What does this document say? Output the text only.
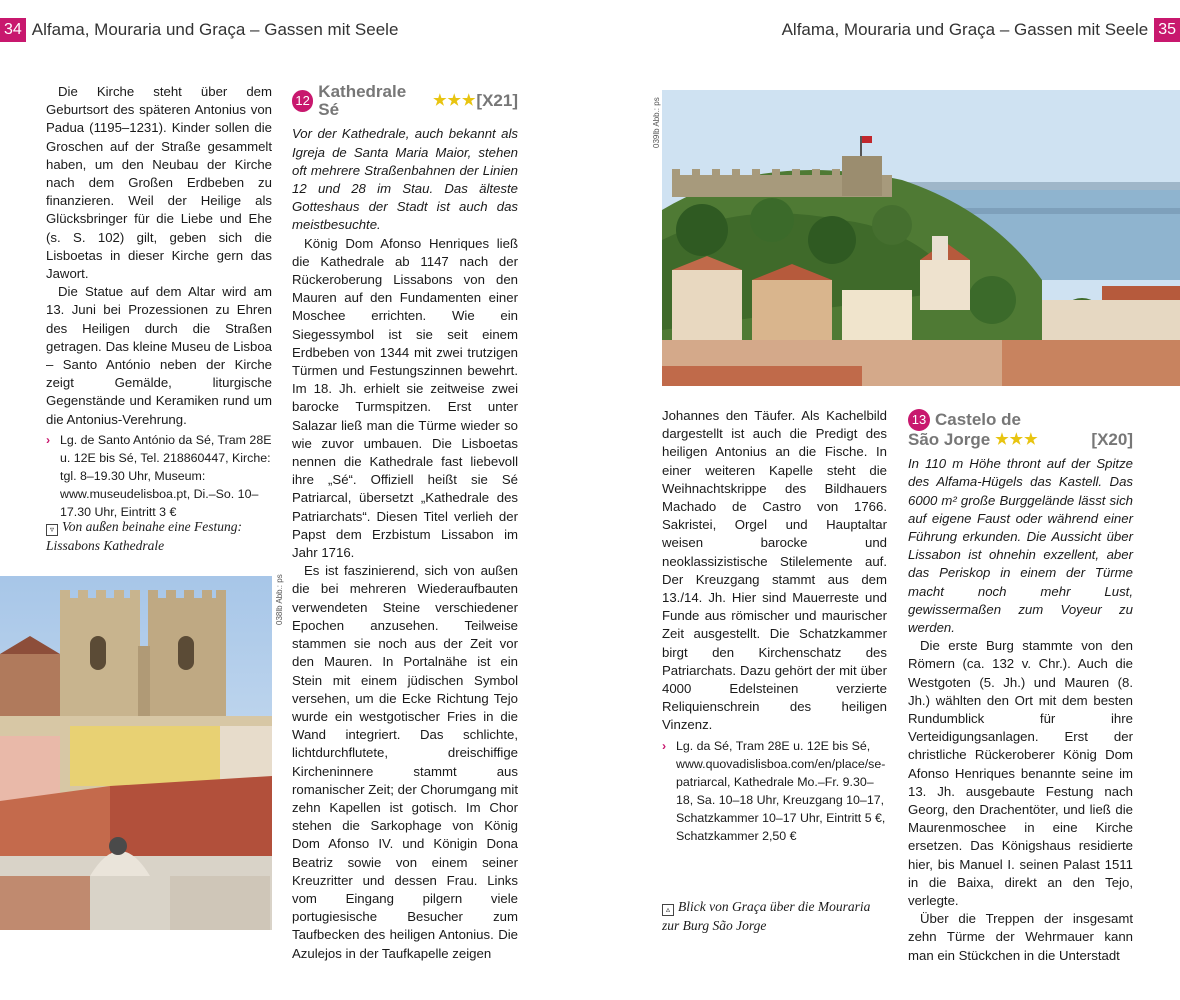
34 Alfama, Mouraria und Graça – Gassen mit Seele

Die Kirche steht über dem Geburtsort des späteren Antonius von Padua (1195–1231). Kinder sollen die Groschen auf der Straße gesammelt haben, um den Neubau der Kirche nach dem Großen Erdbeben zu finanzieren. Weil der Heilige als Glücksbringer für die Liebe und Ehe (s. S. 102) gilt, geben sich die Lisboetas in dieser Kirche gern das Jawort.

Die Statue auf dem Altar wird am 13. Juni bei Prozessionen zu Ehren des Heiligen durch die Straßen getragen. Das kleine Museu de Lisboa – Santo António neben der Kirche zeigt Gemälde, liturgische Gegenstände und Keramiken rund um die Antonius-Verehrung.

› Lg. de Santo António da Sé, Tram 28E u. 12E bis Sé, Tel. 218860447, Kirche: tgl. 8–19.30 Uhr, Museum: www.museudelisboa.pt, Di.–So. 10–17.30 Uhr, Eintritt 3 €
▿ Von außen beinahe eine Festung: Lissabons Kathedrale
038lb Abb.: ps
12 Kathedrale Sé	★★★ [X21]

Vor der Kathedrale, auch bekannt als Igreja de Santa Maria Maior, stehen oft mehrere Straßenbahnen der Linien 12 und 28 im Stau. Das älteste Gotteshaus der Stadt ist auch das meistbesuchte.

König Dom Afonso Henriques ließ die Kathedrale ab 1147 nach der Rückeroberung Lissabons von den Mauren auf den Fundamenten einer Moschee errichten. Wie ein Siegessymbol ist sie seit einem Erdbeben von 1344 mit zwei trutzigen Türmen und Festungszinnen bewehrt. Im 18. Jh. erhielt sie zeitweise zwei barocke Turmspitzen. Erst unter Salazar ließ man die Türme wieder so wie zuvor umbauen. Die Lisboetas nennen die Kathedrale fast liebevoll ihre „Sé“. Offiziell heißt sie Sé Patriarcal, übersetzt „Kathedrale des Patriarchats“. Diesen Titel verlieh der Papst dem Erzbistum Lissabon im Jahr 1716.

Es ist faszinierend, sich von außen die bei mehreren Wiederaufbauten verwendeten Steine verschiedener Epochen anzusehen. Teilweise stammen sie noch aus der Zeit vor den Mauren. In Portalnähe ist ein Stein mit einem jüdischen Symbol versehen, um die Ecke Richtung Tejo wurde ein westgotischer Fries in die Wand integriert. Das schlichte, lichtdurchflutete, dreischiffige Kircheninnere stammt aus romanischer Zeit; der Chorumgang mit zehn Kapellen ist gotisch. Im Chor stehen die Sarkophage von König Dom Afonso IV. und Königin Dona Beatriz sowie von einem seiner Kreuzritter und dessen Frau. Links vom Eingang pilgern viele portugiesische Besucher zum Taufbecken des heiligen Antonius. Die Azulejos in der Taufkapelle zeigen

Alfama, Mouraria und Graça – Gassen mit Seele 35
039lb Abb.: ps

Johannes den Täufer. Als Kachelbild dargestellt ist auch die Predigt des heiligen Antonius an die Fische. In einer weiteren Kapelle steht die Weihnachtskrippe des Bildhauers Machado de Castro von 1766. Sakristei, Orgel und Hauptaltar weisen barocke und neoklassizistische Stilelemente auf. Der Kreuzgang stammt aus dem 13./14. Jh. Hier sind Mauerreste und Funde aus römischer und maurischer Zeit ausgestellt. Die Schatzkammer birgt den Kirchenschatz des Patriarchats. Dazu gehört der mit über 4000 Edelsteinen verzierte Reliquienschrein des heiligen Vinzenz.

› Lg. da Sé, Tram 28E u. 12E bis Sé, www.quovadislisboa.com/en/place/se-patriarcal, Kathedrale Mo.–Fr. 9.30–18, Sa. 10–18 Uhr, Kreuzgang 10–17, Schatzkammer 10–17 Uhr, Eintritt 5 €, Schatzkammer 2,50 €
▵ Blick von Graça über die Mouraria zur Burg São Jorge
13 Castelo de
São Jorge ★★★	[X20]

In 110 m Höhe thront auf der Spitze des Alfama-Hügels das Kastell. Das 6000 m² große Burggelände lässt sich auf eigene Faust oder während einer Führung erkunden. Die Aussicht über Lissabon ist ohnehin exzellent, aber das Periskop in einem der Türme macht noch mehr Lust, gewissermaßen zum Voyeur zu werden.

Die erste Burg stammte von den Römern (ca. 132 v. Chr.). Auch die Westgoten (5. Jh.) und Mauren (8. Jh.) wählten den Ort mit dem besten Rundumblick für ihre Verteidigungsanlagen. Erst der christliche Rückeroberer König Dom Afonso Henriques benannte seine im 13. Jh. ausgebaute Festung nach Georg, den Drachentöter, und ließ die Maurenmoschee in eine Kirche ersetzen. Das Königshaus residierte hier, bis Manuel I. seinen Palast 1511 in die Baixa, direkt an den Tejo, verlegte.

Über die Treppen der insgesamt zehn Türme der Wehrmauer kann man ein Stückchen in die Unterstadt
